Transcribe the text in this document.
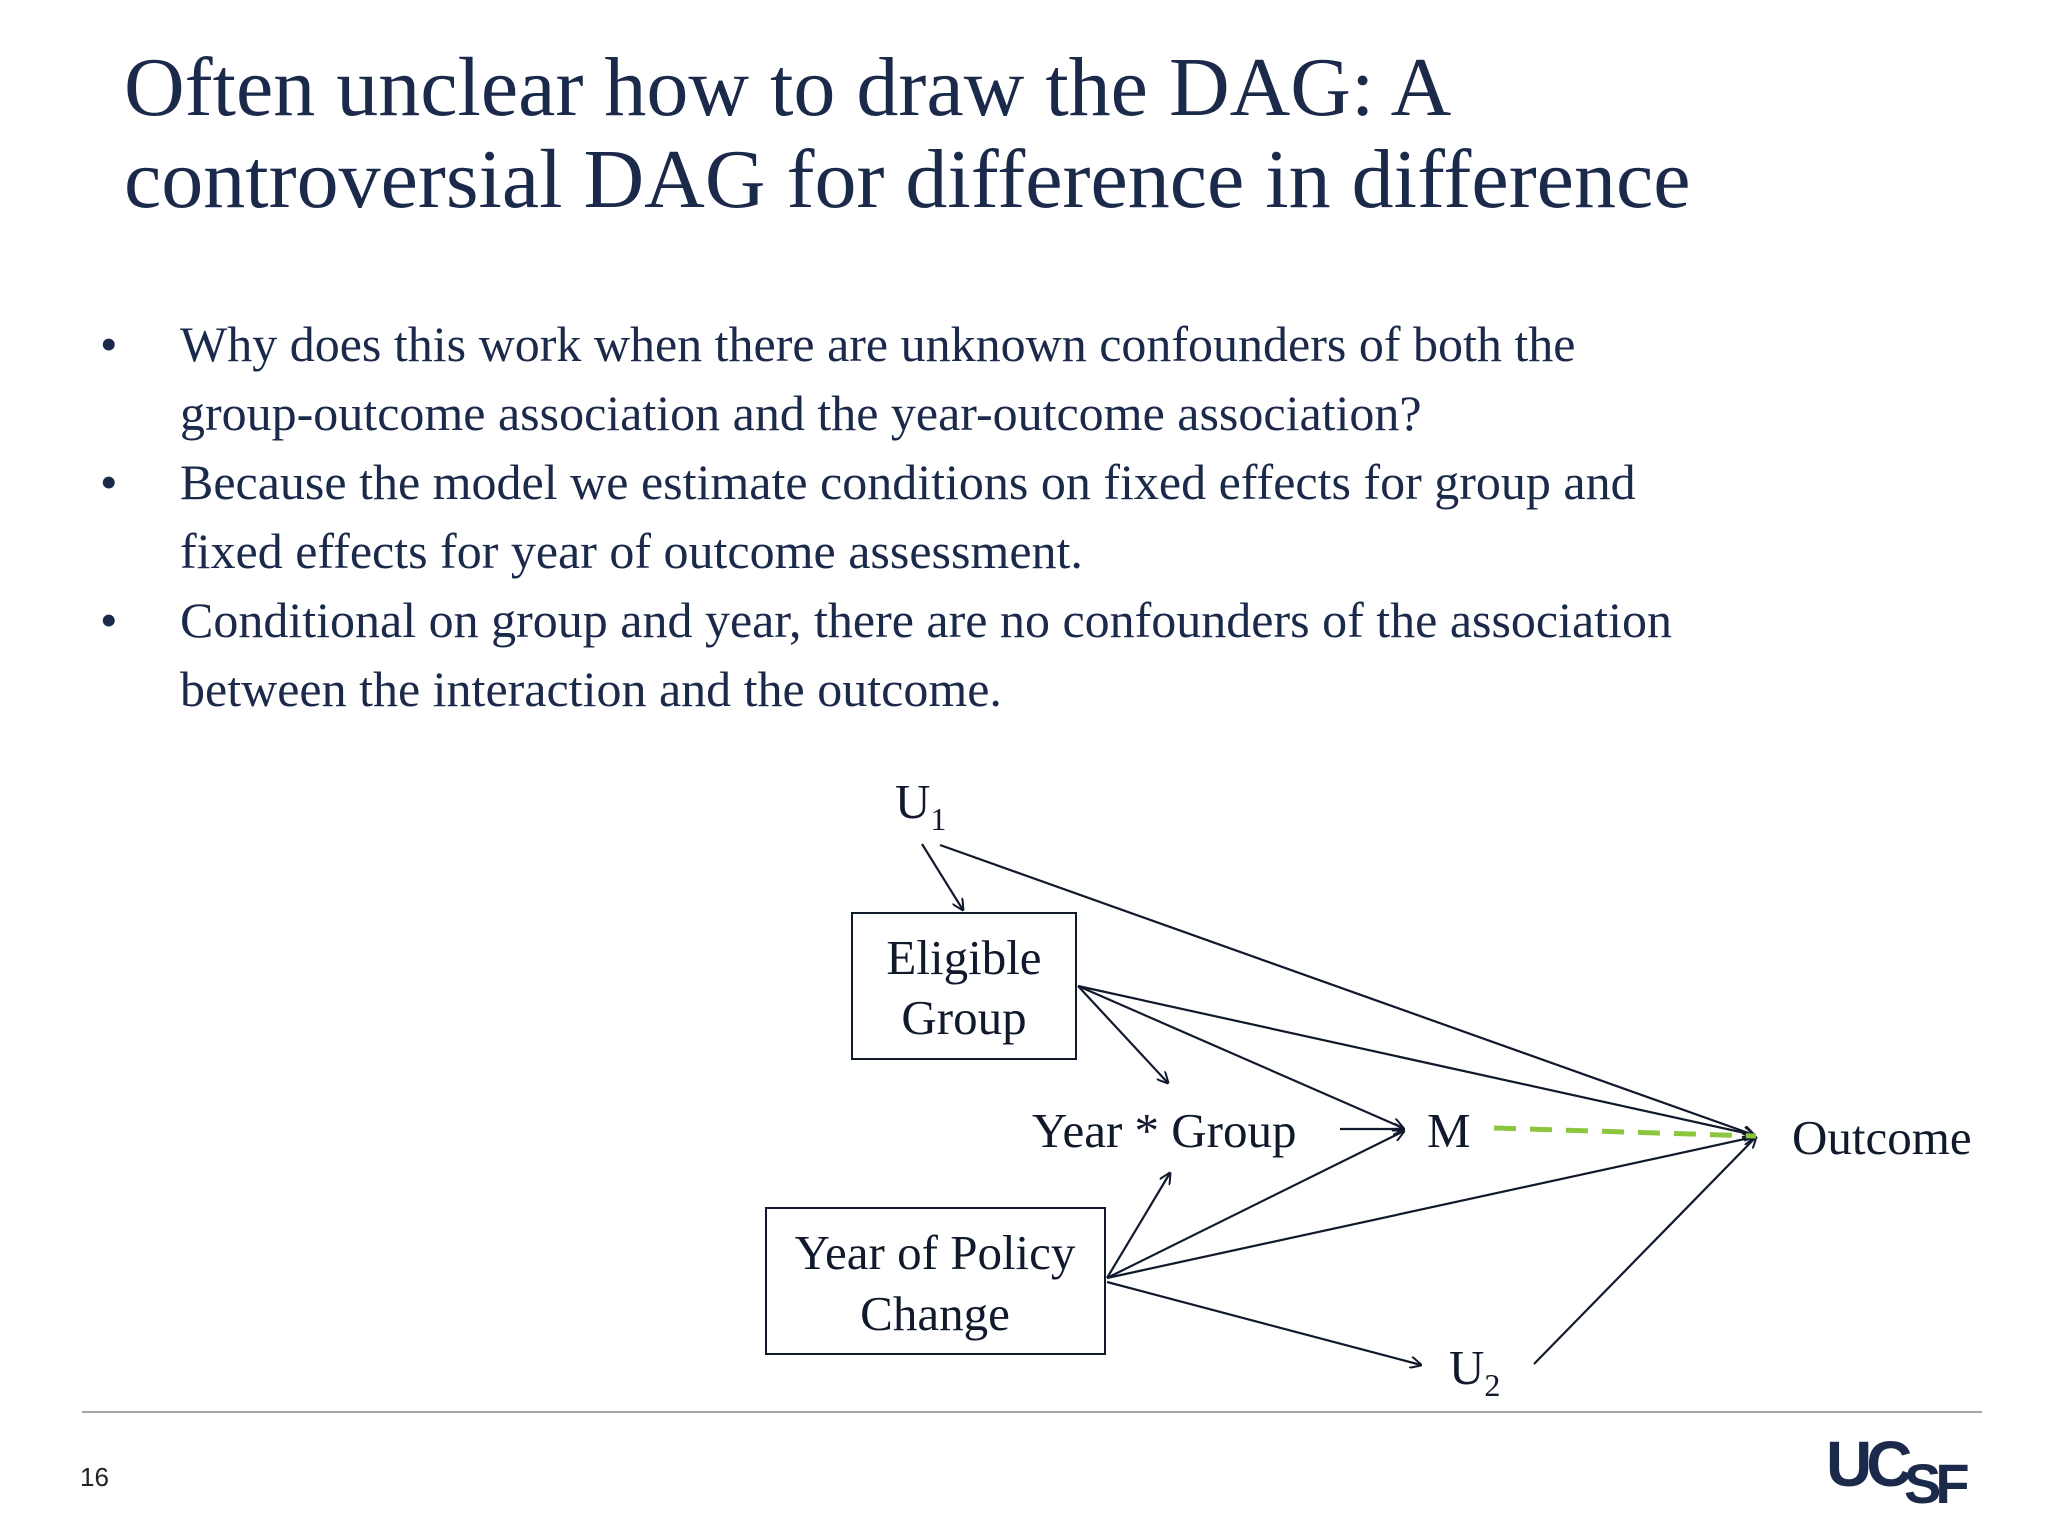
Often unclear how to draw the DAG: A
controversial DAG for difference in difference
• Why does this work when there are unknown confounders of both the
group-outcome association and the year-outcome association?
• Because the model we estimate conditions on fixed effects for group and
fixed effects for year of outcome assessment.
• Conditional on group and year, there are no confounders of the association
between the interaction and the outcome.
$U_1$
Eligible
Group
Year * Group	M	Outcome
Year of Policy
Change
$U_2$
16	UC
SF
